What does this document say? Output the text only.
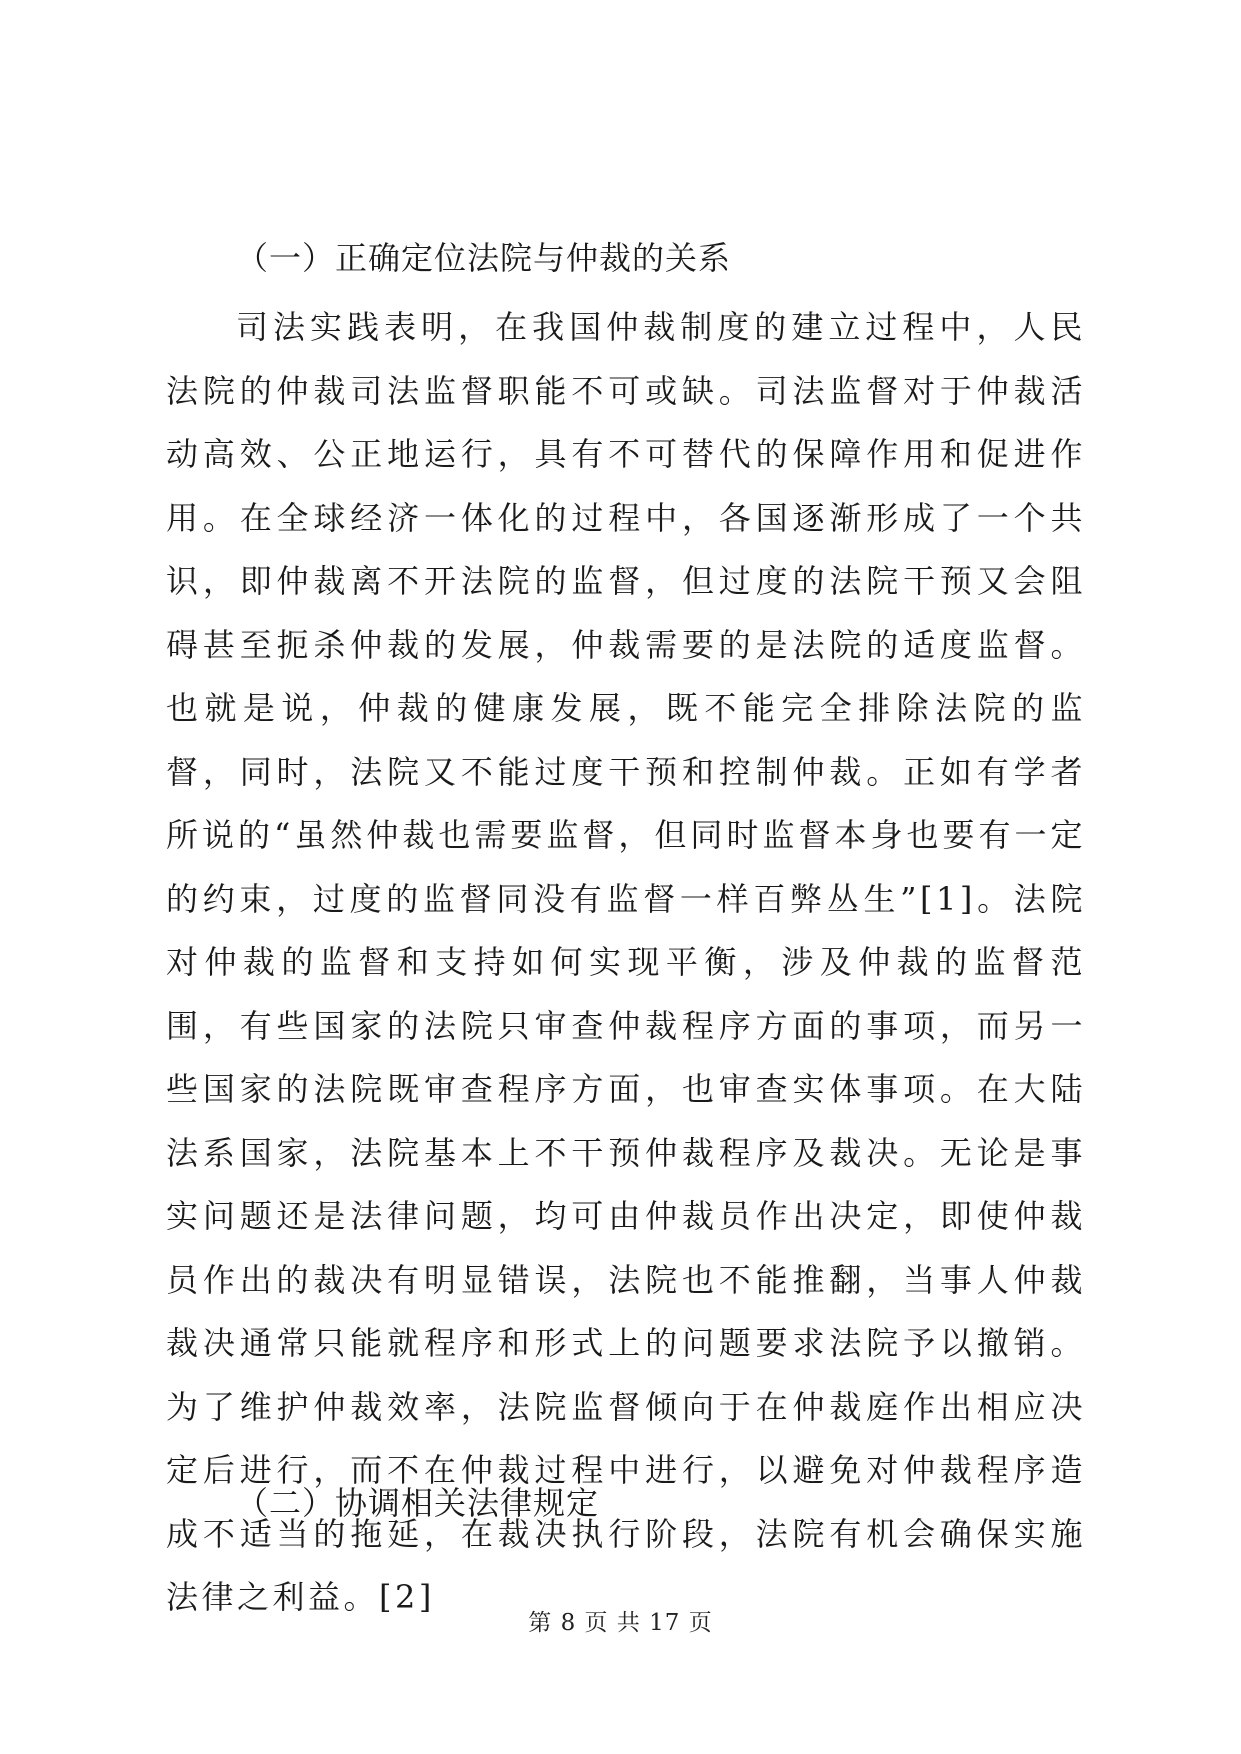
（一）正确定位法院与仲裁的关系

司法实践表明，在我国仲裁制度的建立过程中，人民法院的仲裁司法监督职能不可或缺。司法监督对于仲裁活动高效、公正地运行，具有不可替代的保障作用和促进作用。在全球经济一体化的过程中，各国逐渐形成了一个共识，即仲裁离不开法院的监督，但过度的法院干预又会阻碍甚至扼杀仲裁的发展，仲裁需要的是法院的适度监督。也就是说，仲裁的健康发展，既不能完全排除法院的监督，同时，法院又不能过度干预和控制仲裁。正如有学者所说的“虽然仲裁也需要监督，但同时监督本身也要有一定的约束，过度的监督同没有监督一样百弊丛生”[1]。法院对仲裁的监督和支持如何实现平衡，涉及仲裁的监督范围，有些国家的法院只审查仲裁程序方面的事项，而另一些国家的法院既审查程序方面，也审查实体事项。在大陆法系国家，法院基本上不干预仲裁程序及裁决。无论是事实问题还是法律问题，均可由仲裁员作出决定，即使仲裁员作出的裁决有明显错误，法院也不能推翻，当事人仲裁裁决通常只能就程序和形式上的问题要求法院予以撤销。为了维护仲裁效率，法院监督倾向于在仲裁庭作出相应决定后进行，而不在仲裁过程中进行，以避免对仲裁程序造成不适当的拖延，在裁决执行阶段，法院有机会确保实施法律之利益。[2]

（二）协调相关法律规定
第 8 页 共 17 页
